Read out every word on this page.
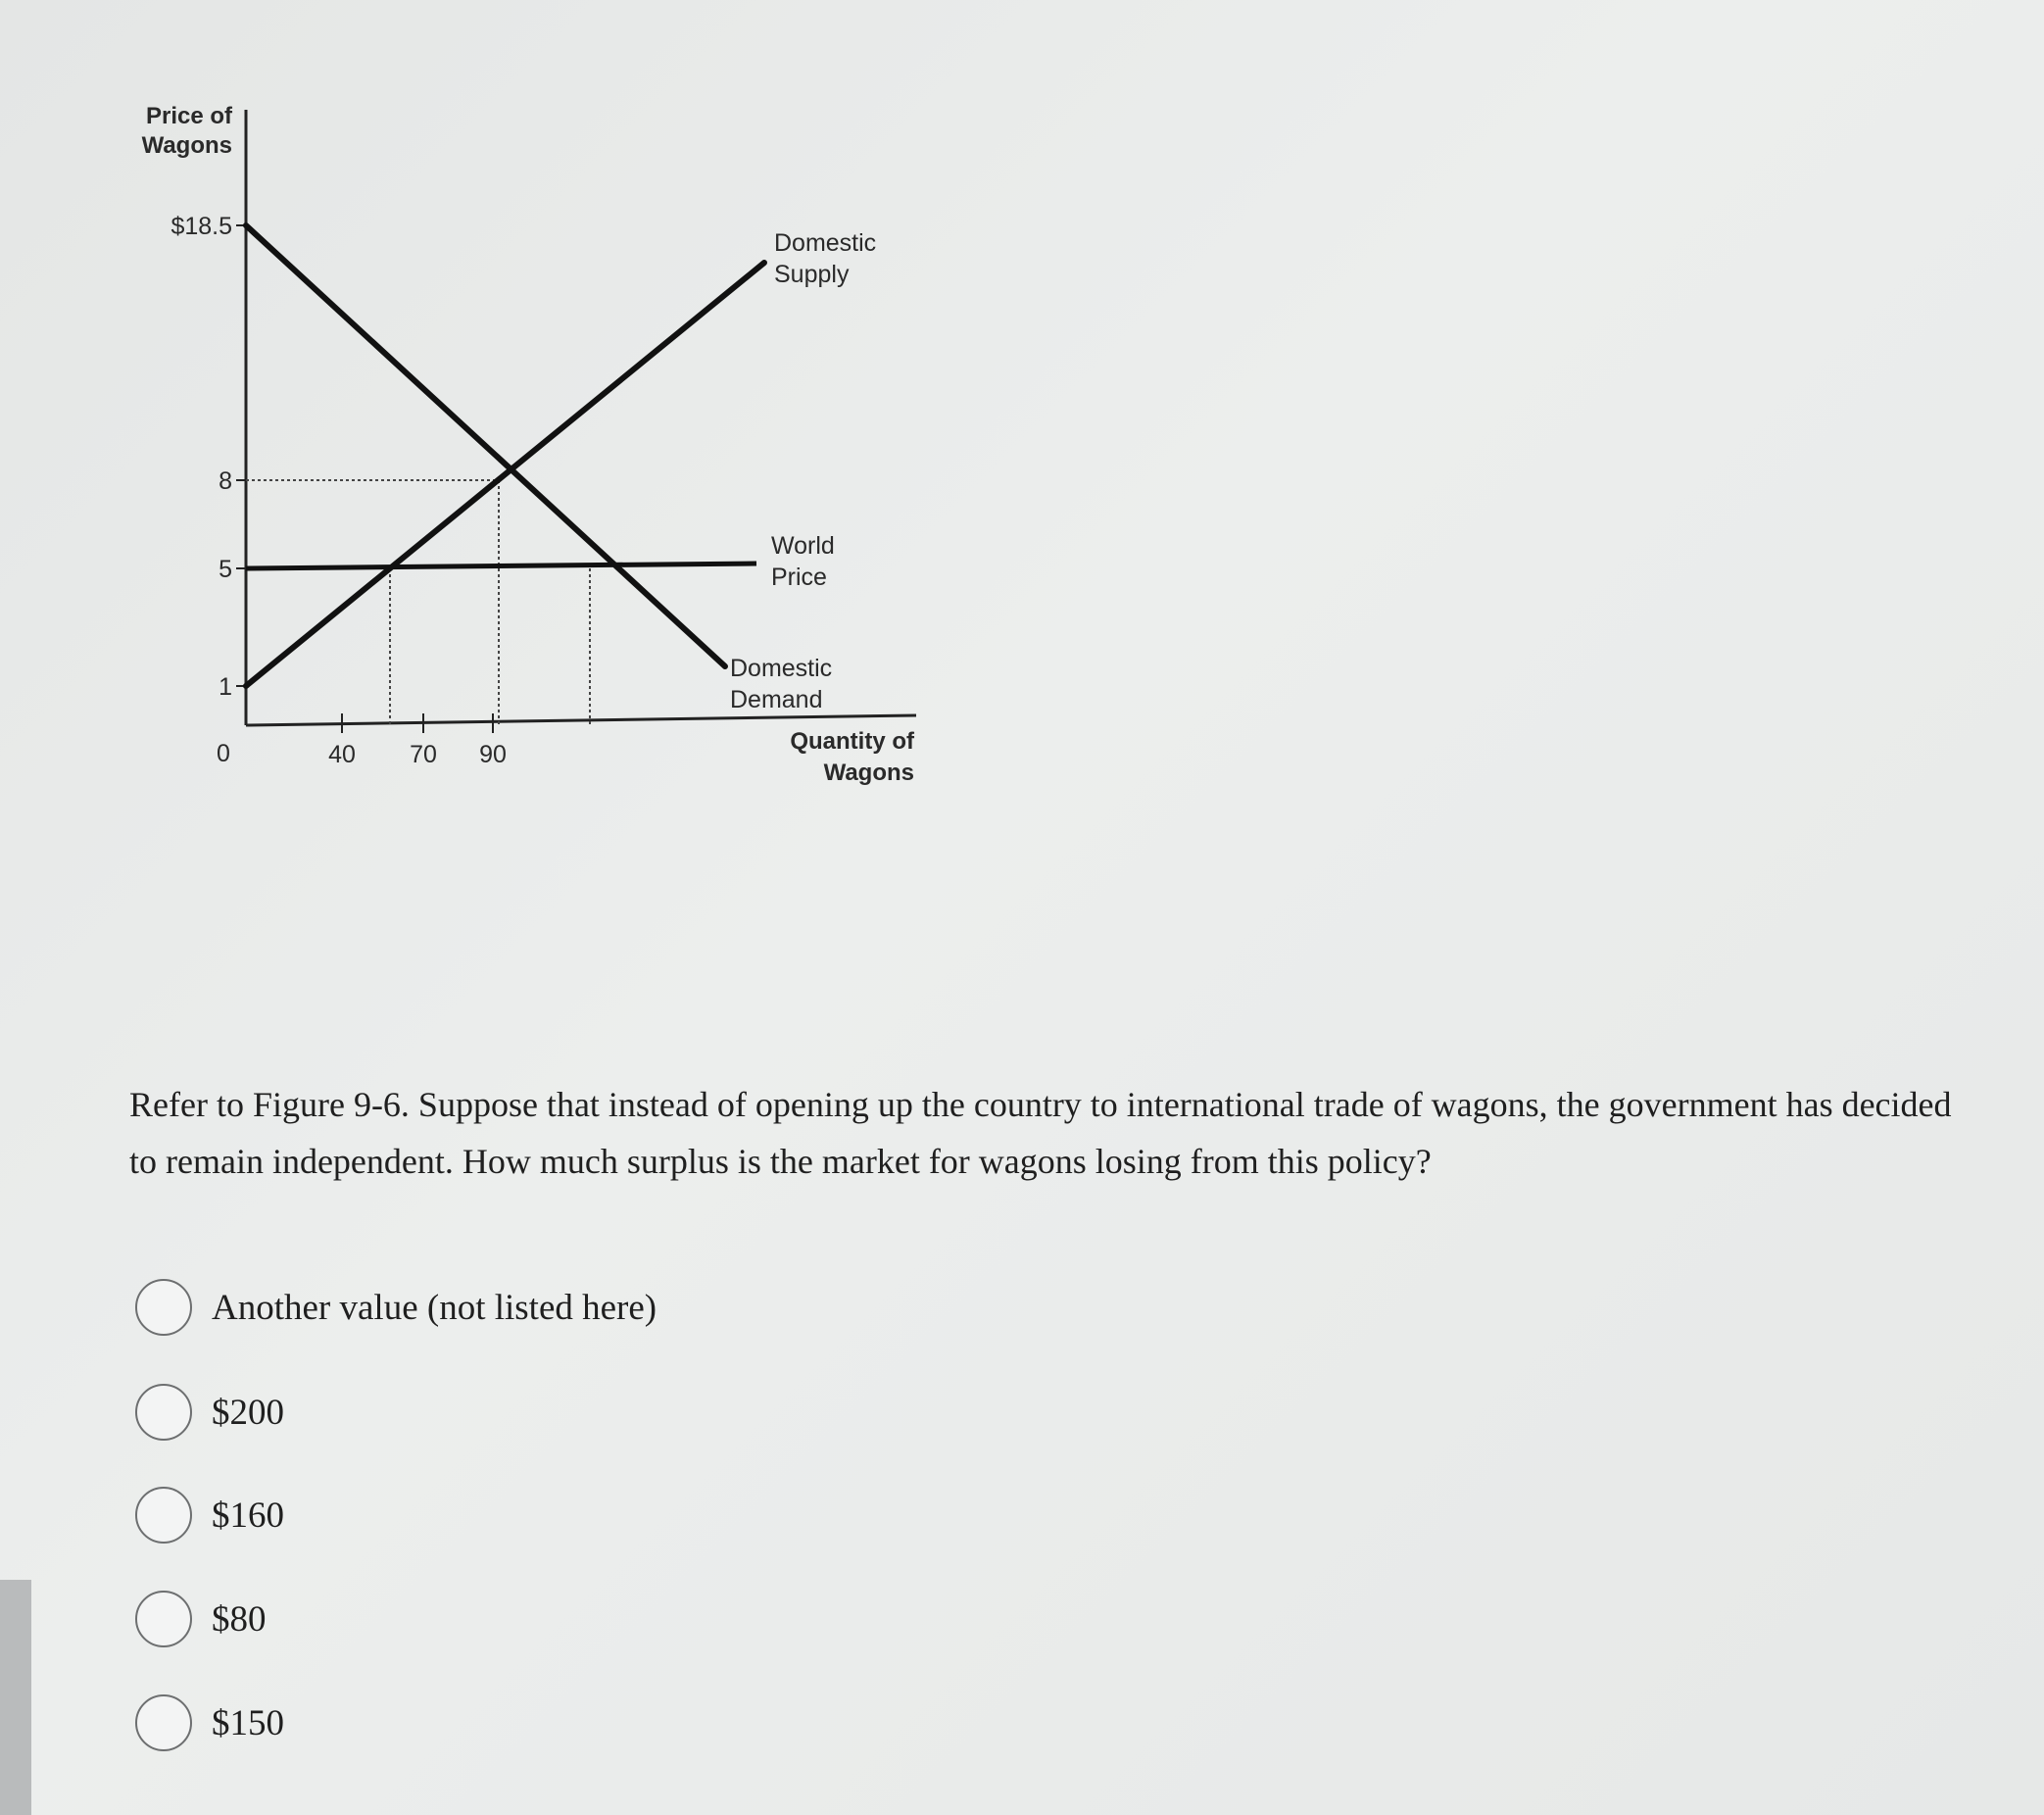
Price of
Wagons
$18.5
8
5
1
40 70 90
0
Domestic
Supply
World
Price
Domestic
Demand
Quantity of
Wagons

Refer to Figure 9-6. Suppose that instead of opening up the country to international trade of wagons, the government has decided to remain independent. How much surplus is the market for wagons losing from this policy?

Another value (not listed here)
$200
$160
$80
$150
